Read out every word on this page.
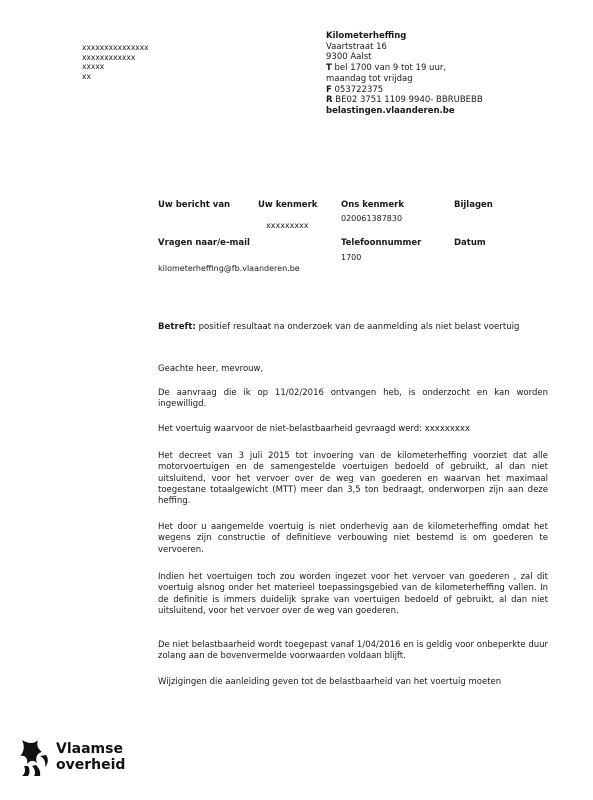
xxxxxxxxxxxxxxx
xxxxxxxxxxxx
xxxxx
xx
Kilometerheffing
Vaartstraat 16
9300 Aalst
T bel 1700 van 9 tot 19 uur,
maandag tot vrijdag
F 053722375
R BE02 3751 1109 9940- BBRUBEBB
belastingen.vlaanderen.be
Uw bericht van	Uw kenmerk
xxxxxxxxx
Ons kenmerk
020061387830
Bijlagen
Vragen naar/e-mail	Telefoonnummer
1700
Datum
kilometerheffing@fb.vlaanderen.be
Betreft: positief resultaat na onderzoek van de aanmelding als niet belast voertuig
Geachte heer, mevrouw,
De aanvraag die ik op 11/02/2016 ontvangen heb, is onderzocht en kan worden ingewilligd.
Het voertuig waarvoor de niet-belastbaarheid gevraagd werd: xxxxxxxxx
Het decreet van 3 juli 2015 tot invoering van de kilometerheffing voorziet dat alle motorvoertuigen en de samengestelde voertuigen bedoeld of gebruikt, al dan niet uitsluitend, voor het vervoer over de weg van goederen en waarvan het maximaal toegestane totaalgewicht (MTT) meer dan 3,5 ton bedraagt, onderworpen zijn aan deze heffing.
Het door u aangemelde voertuig is niet onderhevig aan de kilometerheffing omdat het wegens zijn constructie of definitieve verbouwing niet bestemd is om goederen te vervoeren.
Indien het voertuigen toch zou worden ingezet voor het vervoer van goederen , zal dit voertuig alsnog onder het materieel toepassingsgebied van de kilometerheffing vallen. In de definitie is immers duidelijk sprake van voertuigen bedoeld of gebruikt, al dan niet uitsluitend, voor het vervoer over de weg van goederen.
De niet belastbaarheid wordt toegepast vanaf 1/04/2016 en is geldig voor onbeperkte duur zolang aan de bovenvermelde voorwaarden voldaan blijft.
Wijzigingen die aanleiding geven tot de belastbaarheid van het voertuig moeten
Vlaamse
overheid
